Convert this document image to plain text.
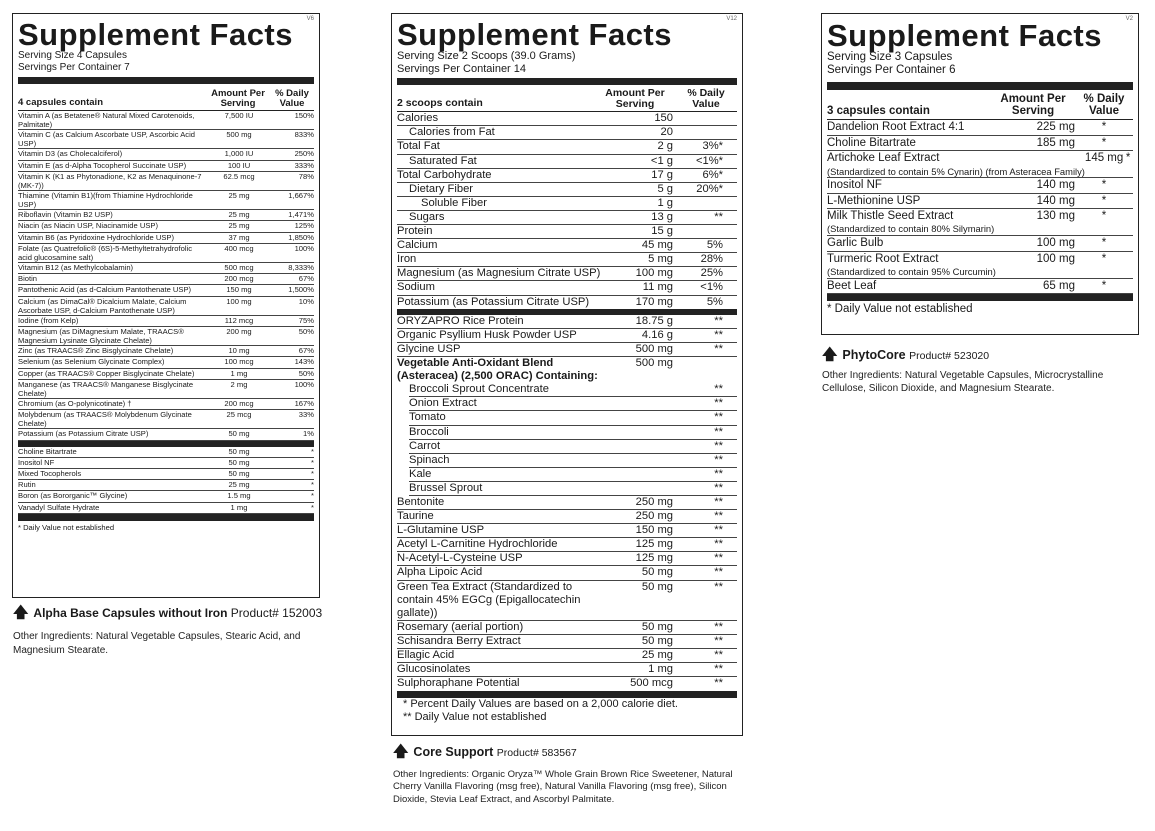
V6
Supplement Facts
Serving Size 4 Capsules
Servings Per Container 7
4 capsules contain
Amount Per Serving
% Daily Value
Vitamin A (as Betatene® Natural Mixed Carotenoids, Palmitate)
7,500 IU	150%
Vitamin C (as Calcium Ascorbate USP, Ascorbic Acid USP)
500 mg	833%
Vitamin D3 (as Cholecalciferol)	1,000 IU	250%
Vitamin E (as d-Alpha Tocopherol Succinate USP)	100 IU	333%
Vitamin K (K1 as Phytonadione, K2 as Menaquinone-7 (MK-7))
62.5 mcg	78%
Thiamine (Vitamin B1)(from Thiamine Hydrochloride USP)
25 mg	1,667%
Riboflavin (Vitamin B2 USP)	25 mg	1,471%
Niacin (as Niacin USP, Niacinamide USP)	25 mg	125%
Vitamin B6 (as Pyridoxine Hydrochloride USP)	37 mg	1,850%
Folate (as Quatrefolic® (6S)-5-Methyltetrahydrofolic acid glucosamine salt)
400 mcg	100%
Vitamin B12 (as Methylcobalamin)	500 mcg	8,333%
Biotin	200 mcg	67%
Pantothenic Acid (as d-Calcium Pantothenate USP)	150 mg	1,500%
Calcium (as DimaCal® Dicalcium Malate, Calcium Ascorbate USP, d-Calcium Pantothenate USP)
100 mg	10%
Iodine (from Kelp)	112 mcg	75%
Magnesium (as DiMagnesium Malate, TRAACS® Magnesium Lysinate Glycinate Chelate)
200 mg	50%
Zinc (as TRAACS® Zinc Bisglycinate Chelate)	10 mg	67%
Selenium (as Selenium Glycinate Complex)	100 mcg	143%
Copper (as TRAACS® Copper Bisglycinate Chelate)	1 mg	50%
Manganese (as TRAACS® Manganese Bisglycinate Chelate)
2 mg	100%
Chromium (as O-polynicotinate) †	200 mcg	167%
Molybdenum (as TRAACS® Molybdenum Glycinate Chelate)
25 mcg	33%
Potassium (as Potassium Citrate USP)	50 mg	1%
Choline Bitartrate	50 mg	*
Inositol NF	50 mg	*
Mixed Tocopherols	50 mg	*
Rutin	25 mg	*
Boron (as Bororganic™ Glycine)	1.5 mg	*
Vanadyl Sulfate Hydrate	1 mg	*
* Daily Value not established
🡅 Alpha Base Capsules without Iron Product# 152003
Other Ingredients: Natural Vegetable Capsules, Stearic Acid, and Magnesium Stearate.
V12
Supplement Facts
Serving Size 2 Scoops (39.0 Grams)
Servings Per Container 14
2 scoops contain
Amount Per Serving
% Daily Value
Calories	150
Calories from Fat	20
Total Fat	2 g	3%*
Saturated Fat	<1 g	<1%*
Total Carbohydrate	17 g	6%*
Dietary Fiber	5 g	20%*
Soluble Fiber	1 g
Sugars	13 g	**
Protein	15 g
Calcium	45 mg	5%
Iron	5 mg	28%
Magnesium (as Magnesium Citrate USP)	100 mg	25%
Sodium	11 mg	<1%
Potassium (as Potassium Citrate USP)	170 mg	5%
ORYZAPRO Rice Protein	18.75 g	**
Organic Psyllium Husk Powder USP	4.16 g	**
Glycine USP	500 mg	**
Vegetable Anti-Oxidant Blend (Asteracea) (2,500 ORAC) Containing:
500 mg
Broccoli Sprout Concentrate	**
Onion Extract	**
Tomato	**
Broccoli	**
Carrot	**
Spinach	**
Kale	**
Brussel Sprout	**
Bentonite	250 mg	**
Taurine	250 mg	**
L-Glutamine USP	150 mg	**
Acetyl L-Carnitine Hydrochloride	125 mg	**
N-Acetyl-L-Cysteine USP	125 mg	**
Alpha Lipoic Acid	50 mg	**
Green Tea Extract (Standardized to contain 45% EGCg (Epigallocatechin gallate))
50 mg	**
Rosemary (aerial portion)	50 mg	**
Schisandra Berry Extract	50 mg	**
Ellagic Acid	25 mg	**
Glucosinolates	1 mg	**
Sulphoraphane Potential	500 mcg	**
* Percent Daily Values are based on a 2,000 calorie diet.
** Daily Value not established
🡅 Core Support Product# 583567
Other Ingredients: Organic Oryza™ Whole Grain Brown Rice Sweetener, Natural Cherry Vanilla Flavoring (msg free), Natural Vanilla Flavoring (msg free), Silicon Dioxide, Stevia Leaf Extract, and Ascorbyl Palmitate.
V2
Supplement Facts
Serving Size 3 Capsules
Servings Per Container 6
3 capsules contain
Amount Per Serving
% Daily Value
Dandelion Root Extract 4:1	225 mg	*
Choline Bitartrate	185 mg	*
Artichoke Leaf Extract
(Standardized to contain 5% Cynarin) (from Asteracea Family)
145 mg *
Inositol NF	140 mg	*
L-Methionine USP	140 mg	*
Milk Thistle Seed Extract
(Standardized to contain 80% Silymarin)
130 mg	*
Garlic Bulb	100 mg	*
Turmeric Root Extract
(Standardized to contain 95% Curcumin)
100 mg	*
Beet Leaf	65 mg	*
* Daily Value not established
🡅 PhytoCore Product# 523020
Other Ingredients: Natural Vegetable Capsules, Microcrystalline Cellulose, Silicon Dioxide, and Magnesium Stearate.
